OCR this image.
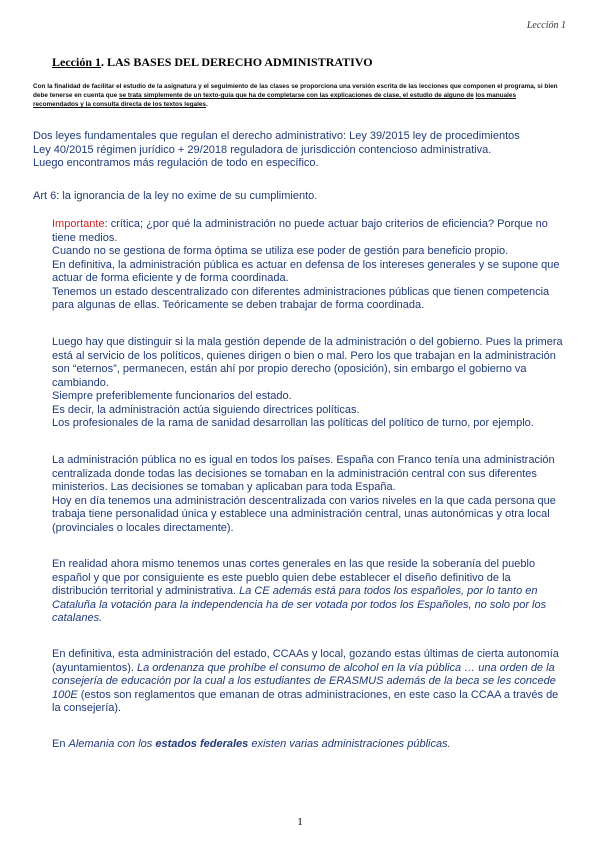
Lección 1
Lección 1. LAS BASES DEL DERECHO ADMINISTRATIVO

Con la finalidad de facilitar el estudio de la asignatura y el seguimiento de las clases se proporciona una versión escrita de las lecciones que componen el programa, si bien debe tenerse en cuenta que se trata simplemente de un texto-guía que ha de completarse con las explicaciones de clase, el estudio de alguno de los manuales recomendados y la consulta directa de los textos legales.

Dos leyes fundamentales que regulan el derecho administrativo: Ley 39/2015 ley de procedimientos
Ley 40/2015 régimen jurídico + 29/2018 reguladora de jurisdicción contencioso administrativa.
Luego encontramos más regulación de todo en específico.

Art 6: la ignorancia de la ley no exime de su cumplimiento.

Importante: crítica; ¿por qué la administración no puede actuar bajo criterios de eficiencia? Porque no tiene medios.
Cuando no se gestiona de forma óptima se utiliza ese poder de gestión para beneficio propio.
En definitiva, la administración pública es actuar en defensa de los intereses generales y se supone que actuar de forma eficiente y de forma coordinada.
Tenemos un estado descentralizado con diferentes administraciones públicas que tienen competencia para algunas de ellas. Teóricamente se deben trabajar de forma coordinada.

Luego hay que distinguir si la mala gestión depende de la administración o del gobierno. Pues la primera está al servicio de los políticos, quienes dirigen o bien o mal. Pero los que trabajan en la administración son “eternos”, permanecen, están ahí por propio derecho (oposición), sin embargo el gobierno va cambiando.
Siempre preferiblemente funcionarios del estado.
Es decir, la administración actúa siguiendo directrices políticas.
Los profesionales de la rama de sanidad desarrollan las políticas del político de turno, por ejemplo.

La administración pública no es igual en todos los países. España con Franco tenía una administración centralizada donde todas las decisiones se tomaban en la administración central con sus diferentes ministerios. Las decisiones se tomaban y aplicaban para toda España.
Hoy en día tenemos una administración descentralizada con varios niveles en la que cada persona que trabaja tiene personalidad única y establece una administración central, unas autonómicas y otra local (provinciales o locales directamente).

En realidad ahora mismo tenemos unas cortes generales en las que reside la soberanía del pueblo español y que por consiguiente es este pueblo quien debe establecer el diseño definitivo de la distribución territorial y administrativa. La CE además está para todos los españoles, por lo tanto en Cataluña la votación para la independencia ha de ser votada por todos los Españoles, no solo por los catalanes.

En definitiva, esta administración del estado, CCAAs y local, gozando estas últimas de cierta autonomía (ayuntamientos). La ordenanza que prohíbe el consumo de alcohol en la vía pública … una orden de la consejería de educación por la cual a los estudiantes de ERASMUS además de la beca se les concede 100E (estos son reglamentos que emanan de otras administraciones, en este caso la CCAA a través de la consejería).

En Alemania con los estados federales existen varias administraciones públicas.

1
